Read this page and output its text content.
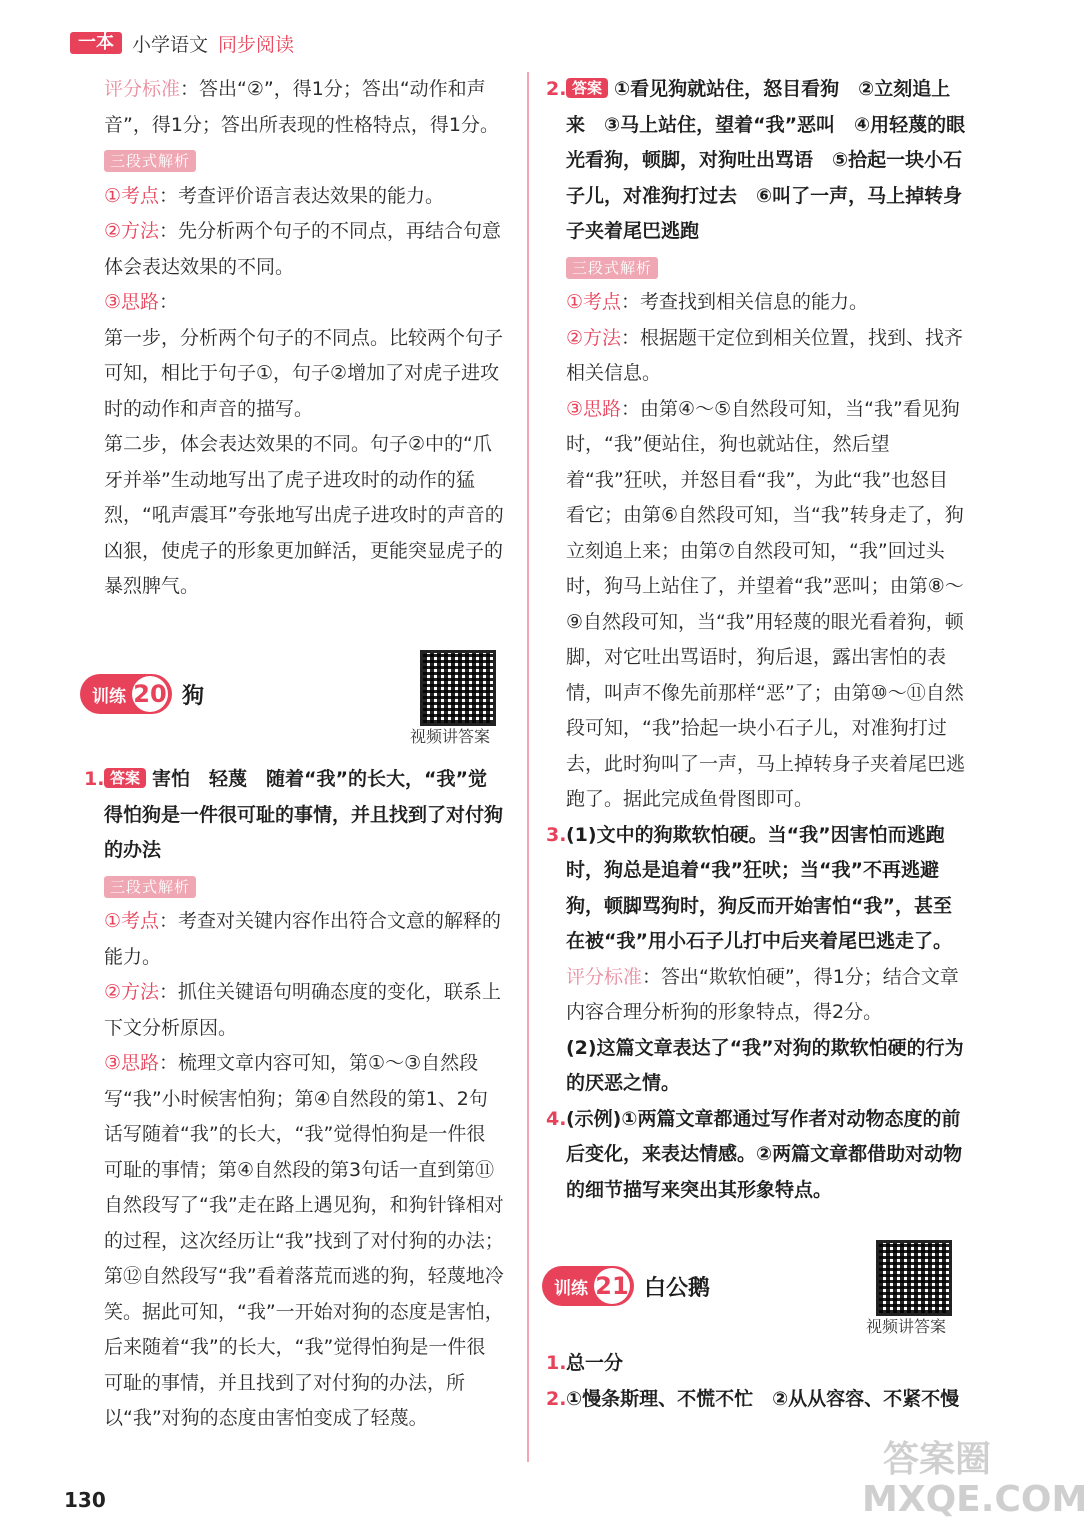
一本 小学语文 同步阅读

评分标准：答出“②”，得1分；答出“动作和声音”，得1分；答出所表现的性格特点，得1分。

三段式解析

①考点：考查评价语言表达效果的能力。

②方法：先分析两个句子的不同点，再结合句意体会表达效果的不同。

③思路：

第一步，分析两个句子的不同点。比较两个句子可知，相比于句子①，句子②增加了对虎子进攻时的动作和声音的描写。

第二步，体会表达效果的不同。句子②中的“爪牙并举”生动地写出了虎子进攻时的动作的猛烈，“吼声震耳”夸张地写出虎子进攻时的声音的凶狠，使虎子的形象更加鲜活，更能突显虎子的暴烈脾气。

训练 20 狗
视频讲答案

1. 答案 害怕　轻蔑　随着“我”的长大，“我”觉得怕狗是一件很可耻的事情，并且找到了对付狗的办法

三段式解析

①考点：考查对关键内容作出符合文意的解释的能力。

②方法：抓住关键语句明确态度的变化，联系上下文分析原因。

③思路：梳理文章内容可知，第①～③自然段写“我”小时候害怕狗；第④自然段的第1、2句话写随着“我”的长大，“我”觉得怕狗是一件很可耻的事情；第④自然段的第3句话一直到第⑪自然段写了“我”走在路上遇见狗，和狗针锋相对的过程，这次经历让“我”找到了对付狗的办法；第⑫自然段写“我”看着落荒而逃的狗，轻蔑地冷笑。据此可知，“我”一开始对狗的态度是害怕，后来随着“我”的长大，“我”觉得怕狗是一件很可耻的事情，并且找到了对付狗的办法，所以“我”对狗的态度由害怕变成了轻蔑。

2. 答案 ①看见狗就站住，怒目看狗　②立刻追上来　③马上站住，望着“我”恶叫　④用轻蔑的眼光看狗，顿脚，对狗吐出骂语　⑤拾起一块小石子儿，对准狗打过去　⑥叫了一声，马上掉转身子夹着尾巴逃跑

三段式解析

①考点：考查找到相关信息的能力。

②方法：根据题干定位到相关位置，找到、找齐相关信息。

③思路：由第④～⑤自然段可知，当“我”看见狗时，“我”便站住，狗也就站住，然后望着“我”狂吠，并怒目看“我”，为此“我”也怒目看它；由第⑥自然段可知，当“我”转身走了，狗立刻追上来；由第⑦自然段可知，“我”回过头时，狗马上站住了，并望着“我”恶叫；由第⑧～⑨自然段可知，当“我”用轻蔑的眼光看着狗，顿脚，对它吐出骂语时，狗后退，露出害怕的表情，叫声不像先前那样“恶”了；由第⑩～⑪自然段可知，“我”拾起一块小石子儿，对准狗打过去，此时狗叫了一声，马上掉转身子夹着尾巴逃跑了。据此完成鱼骨图即可。

3.(1)文中的狗欺软怕硬。当“我”因害怕而逃跑时，狗总是追着“我”狂吠；当“我”不再逃避狗，顿脚骂狗时，狗反而开始害怕“我”，甚至在被“我”用小石子儿打中后夹着尾巴逃走了。

评分标准：答出“欺软怕硬”，得1分；结合文章内容合理分析狗的形象特点，得2分。

(2)这篇文章表达了“我”对狗的欺软怕硬的行为的厌恶之情。

4.(示例)①两篇文章都通过写作者对动物态度的前后变化，来表达情感。②两篇文章都借助对动物的细节描写来突出其形象特点。

训练 21 白公鹅
视频讲答案

1.总一分

2.①慢条斯理、不慌不忙　②从从容容、不紧不慢

130
答案圈 MXQE.COM
